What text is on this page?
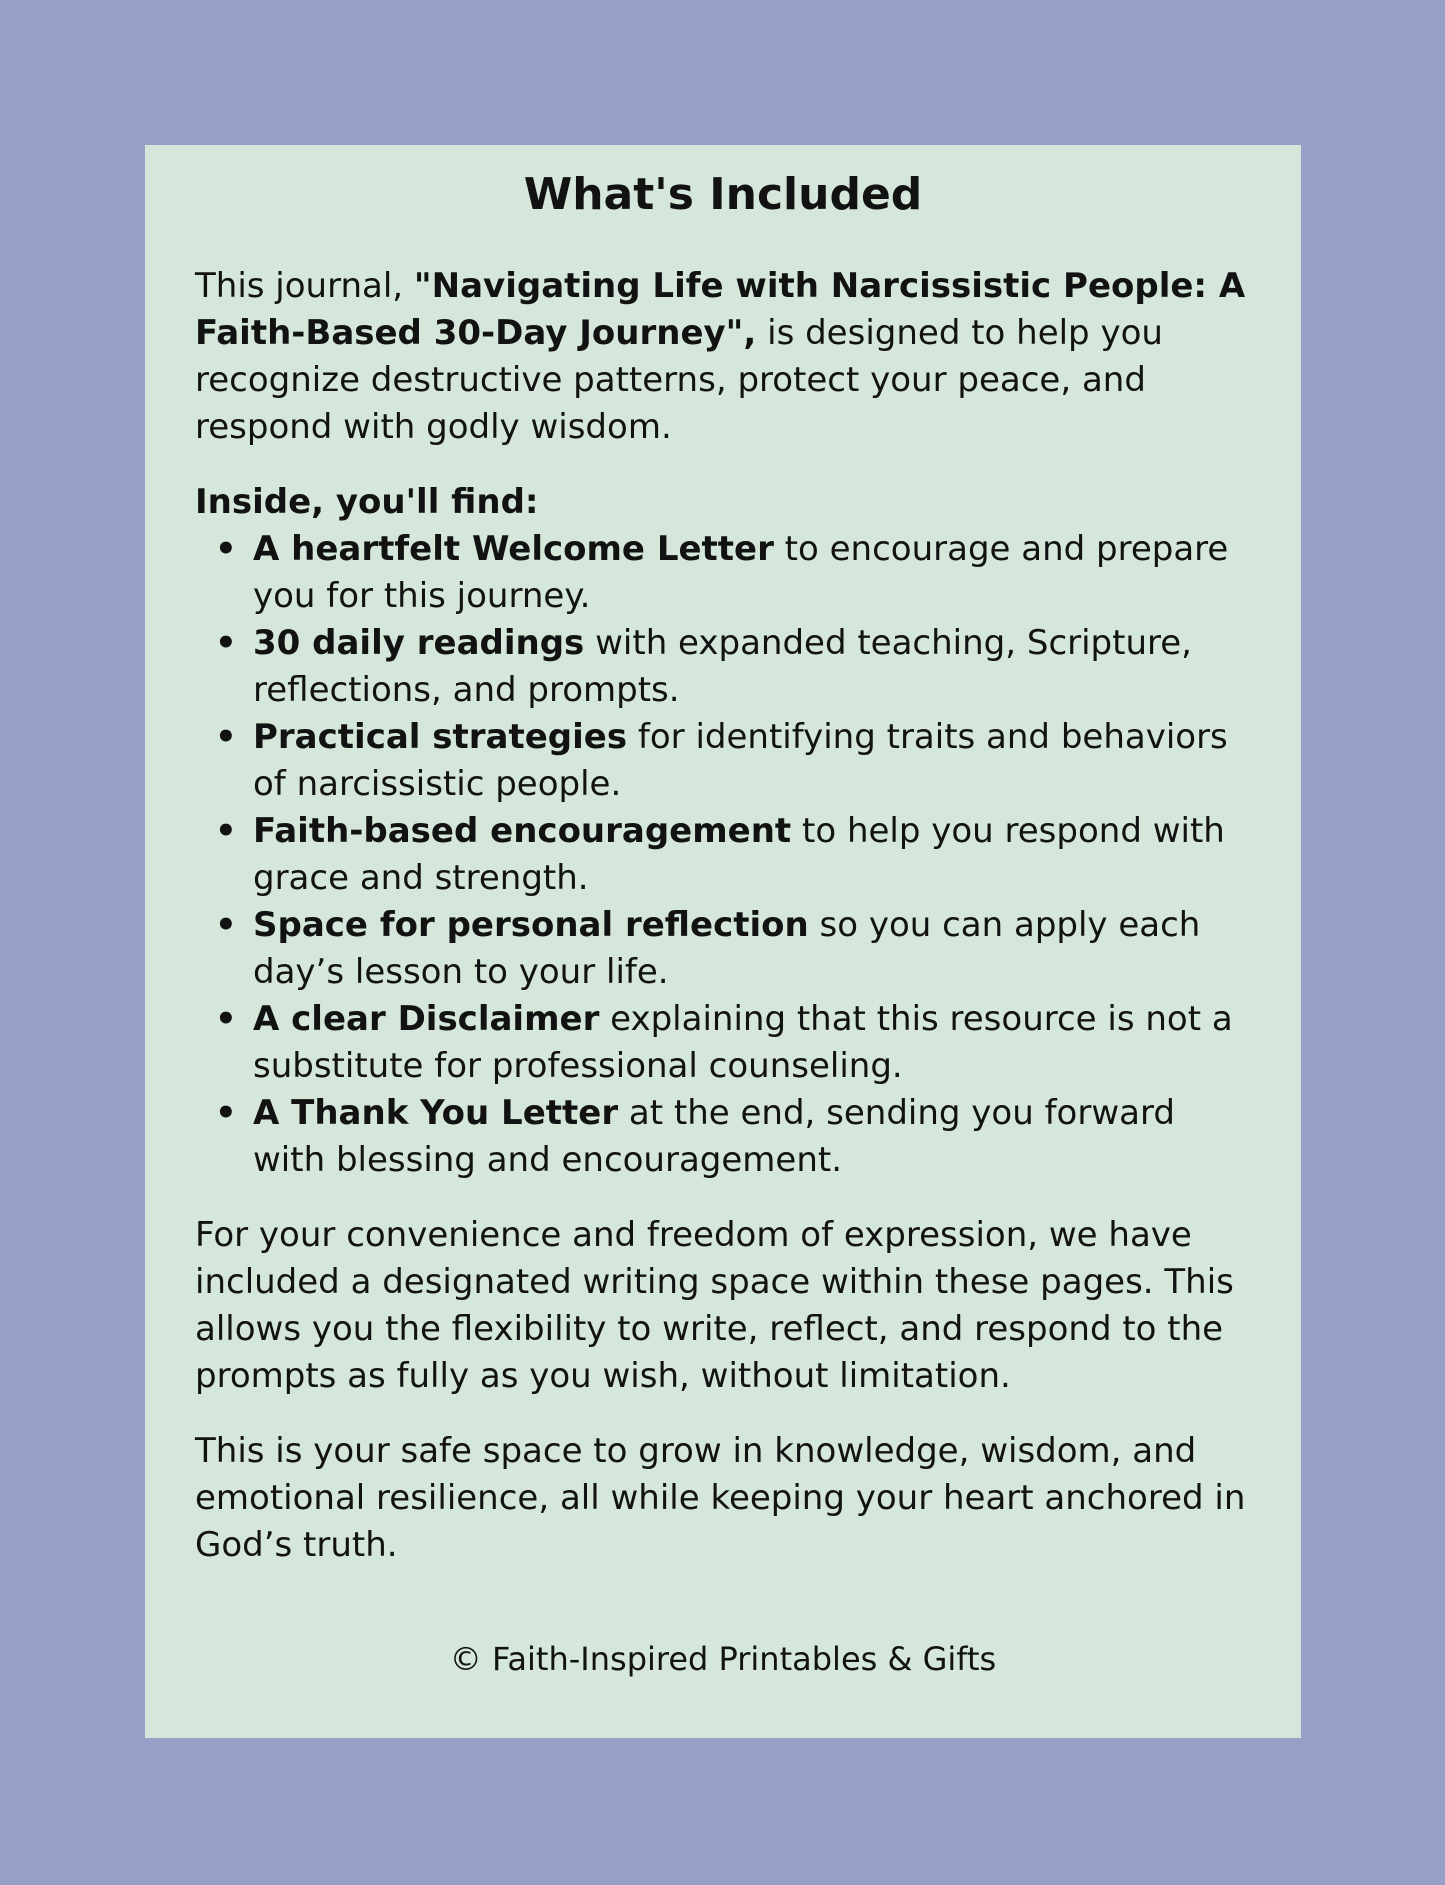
What's Included

This journal, "Navigating Life with Narcissistic People: A Faith-Based 30-Day Journey", is designed to help you recognize destructive patterns, protect your peace, and respond with godly wisdom.

Inside, you'll find:

• A heartfelt Welcome Letter to encourage and prepare you for this journey.
• 30 daily readings with expanded teaching, Scripture, reflections, and prompts.
• Practical strategies for identifying traits and behaviors of narcissistic people.
• Faith-based encouragement to help you respond with grace and strength.
• Space for personal reflection so you can apply each day’s lesson to your life.
• A clear Disclaimer explaining that this resource is not a substitute for professional counseling.
• A Thank You Letter at the end, sending you forward with blessing and encouragement.

For your convenience and freedom of expression, we have included a designated writing space within these pages. This allows you the flexibility to write, reflect, and respond to the prompts as fully as you wish, without limitation.

This is your safe space to grow in knowledge, wisdom, and emotional resilience, all while keeping your heart anchored in God’s truth.

© Faith-Inspired Printables & Gifts
